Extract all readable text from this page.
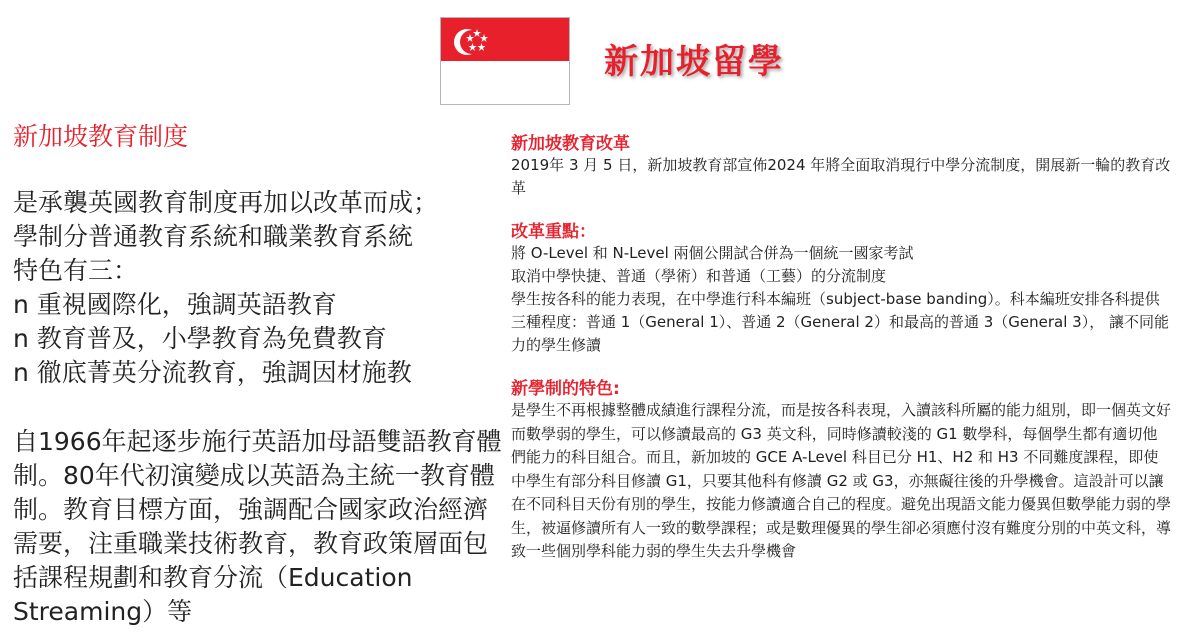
新加坡留學
新加坡教育制度

是承襲英國教育制度再加以改革而成；

學制分普通教育系統和職業教育系統

特色有三：

n 重視國際化，強調英語教育

n 教育普及，小學教育為免費教育

n 徹底菁英分流教育，強調因材施教

自1966年起逐步施行英語加母語雙語教育體制。80年代初演變成以英語為主統一教育體制。教育目標方面，強調配合國家政治經濟需要，注重職業技術教育，教育政策層面包括課程規劃和教育分流（Education Streaming）等
新加坡教育改革
2019年 3 月 5 日，新加坡教育部宣佈2024 年將全面取消現行中學分流制度，開展新一輪的教育改革
改革重點：

將 O-Level 和 N-Level 兩個公開試合併為一個統一國家考試

取消中學快捷、普通（學術）和普通（工藝）的分流制度

學生按各科的能力表現，在中學進行科本編班（subject-base banding）。科本編班安排各科提供三種程度：普通 1（General 1）、普通 2（General 2）和最高的普通 3（General 3）， 讓不同能力的學生修讀

新學制的特色:
是學生不再根據整體成績進行課程分流，而是按各科表現，入讀該科所屬的能力組別，即一個英文好而數學弱的學生，可以修讀最高的 G3 英文科，同時修讀較淺的 G1 數學科，每個學生都有適切他們能力的科目組合。而且，新加坡的 GCE A-Level 科目已分 H1、H2 和 H3 不同難度課程，即使中學生有部分科目修讀 G1，只要其他科有修讀 G2 或 G3，亦無礙往後的升學機會。這設計可以讓在不同科目天份有別的學生，按能力修讀適合自己的程度。避免出現語文能力優異但數學能力弱的學生，被逼修讀所有人一致的數學課程；或是數理優異的學生卻必須應付沒有難度分別的中英文科，導致一些個別學科能力弱的學生失去升學機會
